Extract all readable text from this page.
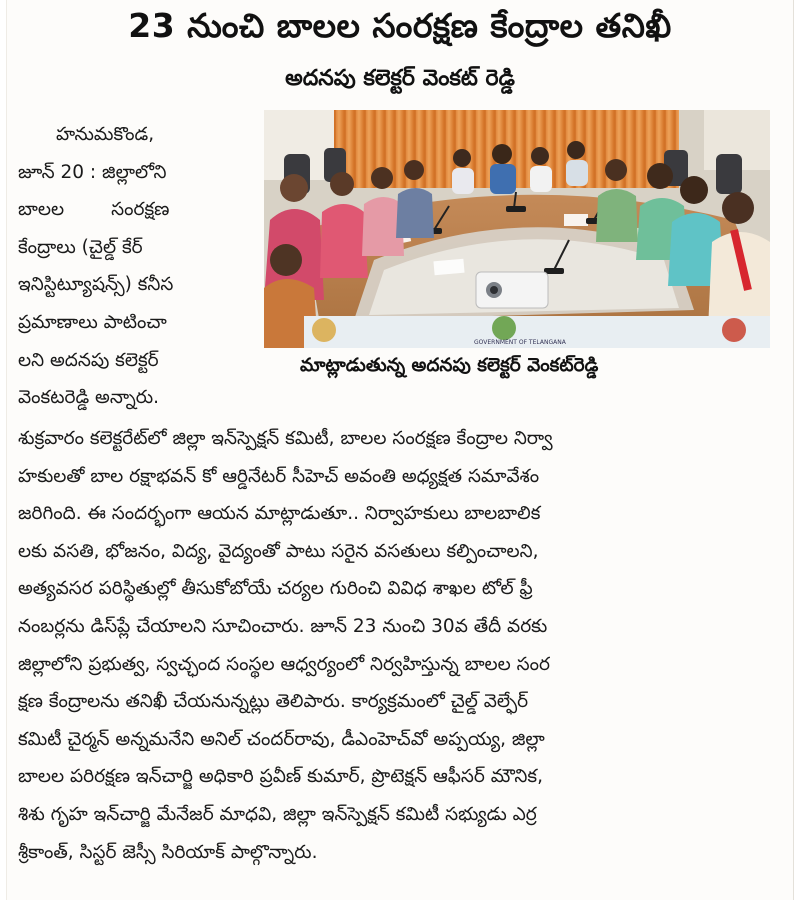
23 నుంచి బాలల సంరక్షణ కేంద్రాల తనిఖీ
అదనపు కలెక్టర్ వెంకట్ రెడ్డి
హనుమకొండ,
జూన్ 20 : జిల్లాలోని
బాలల        సంరక్షణ
కేంద్రాలు (చైల్డ్ కేర్
ఇనిస్టిట్యూషన్స్) కనీస
ప్రమాణాలు పాటించా
లని అదనపు కలెక్టర్
వెంకటరెడ్డి అన్నారు.
GOVERNMENT OF TELANGANA
మాట్లాడుతున్న అదనపు కలెక్టర్ వెంకట్‌రెడ్డి
శుక్రవారం కలెక్టరేట్‌లో జిల్లా ఇన్‌స్పెక్షన్ కమిటీ, బాలల సంరక్షణ కేంద్రాల నిర్వా
హకులతో బాల రక్షాభవన్ కో ఆర్డినేటర్ సీహెచ్ అవంతి అధ్యక్షత సమావేశం
జరిగింది. ఈ సందర్భంగా ఆయన మాట్లాడుతూ.. నిర్వాహకులు బాలబాలిక
లకు వసతి, భోజనం, విద్య, వైద్యంతో పాటు సరైన వసతులు కల్పించాలని,
అత్యవసర పరిస్థితుల్లో తీసుకోబోయే చర్యల గురించి వివిధ శాఖల టోల్ ఫ్రీ
నంబర్లను డిస్‌ప్లే చేయాలని సూచించారు. జూన్ 23 నుంచి 30వ తేదీ వరకు
జిల్లాలోని ప్రభుత్వ, స్వచ్ఛంద సంస్థల ఆధ్వర్యంలో నిర్వహిస్తున్న బాలల సంర
క్షణ కేంద్రాలను తనిఖీ చేయనున్నట్లు తెలిపారు. కార్యక్రమంలో చైల్డ్ వెల్ఫేర్
కమిటీ చైర్మన్ అన్నమనేని అనిల్ చందర్‌రావు, డీఎంహెచ్‌వో అప్పయ్య, జిల్లా
బాలల పరిరక్షణ ఇన్‌చార్జి అధికారి ప్రవీణ్ కుమార్, ప్రొటెక్షన్ ఆఫీసర్ మౌనిక,
శిశు గృహ ఇన్‌చార్జి మేనేజర్ మాధవి, జిల్లా ఇన్‌స్పెక్షన్ కమిటీ సభ్యుడు ఎర్ర
శ్రీకాంత్, సిస్టర్ జెస్సీ సిరియాక్ పాల్గొన్నారు.
